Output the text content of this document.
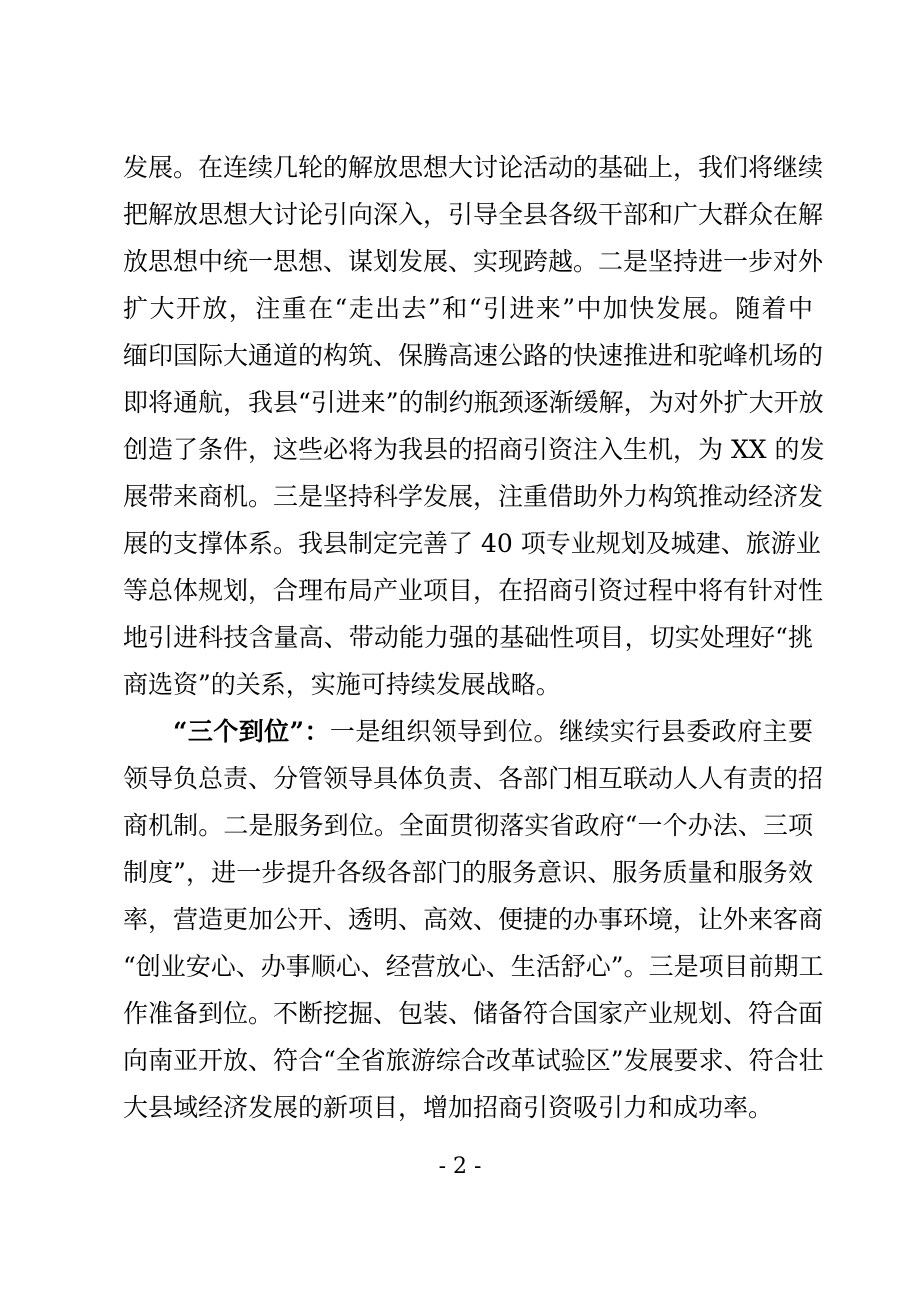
发展。在连续几轮的解放思想大讨论活动的基础上，我们将继续
把解放思想大讨论引向深入，引导全县各级干部和广大群众在解
放思想中统一思想、谋划发展、实现跨越。二是坚持进一步对外
扩大开放，注重在“走出去”和“引进来”中加快发展。随着中
缅印国际大通道的构筑、保腾高速公路的快速推进和驼峰机场的
即将通航，我县“引进来”的制约瓶颈逐渐缓解，为对外扩大开放
创造了条件，这些必将为我县的招商引资注入生机，为 XX 的发
展带来商机。三是坚持科学发展，注重借助外力构筑推动经济发
展的支撑体系。我县制定完善了 40 项专业规划及城建、旅游业
等总体规划，合理布局产业项目，在招商引资过程中将有针对性
地引进科技含量高、带动能力强的基础性项目，切实处理好“挑
商选资”的关系，实施可持续发展战略。
“三个到位”：一是组织领导到位。继续实行县委政府主要
领导负总责、分管领导具体负责、各部门相互联动人人有责的招
商机制。二是服务到位。全面贯彻落实省政府“一个办法、三项
制度”，进一步提升各级各部门的服务意识、服务质量和服务效
率，营造更加公开、透明、高效、便捷的办事环境，让外来客商
“创业安心、办事顺心、经营放心、生活舒心”。三是项目前期工
作准备到位。不断挖掘、包装、储备符合国家产业规划、符合面
向南亚开放、符合“全省旅游综合改革试验区”发展要求、符合壮
大县域经济发展的新项目，增加招商引资吸引力和成功率。
- 2 -
